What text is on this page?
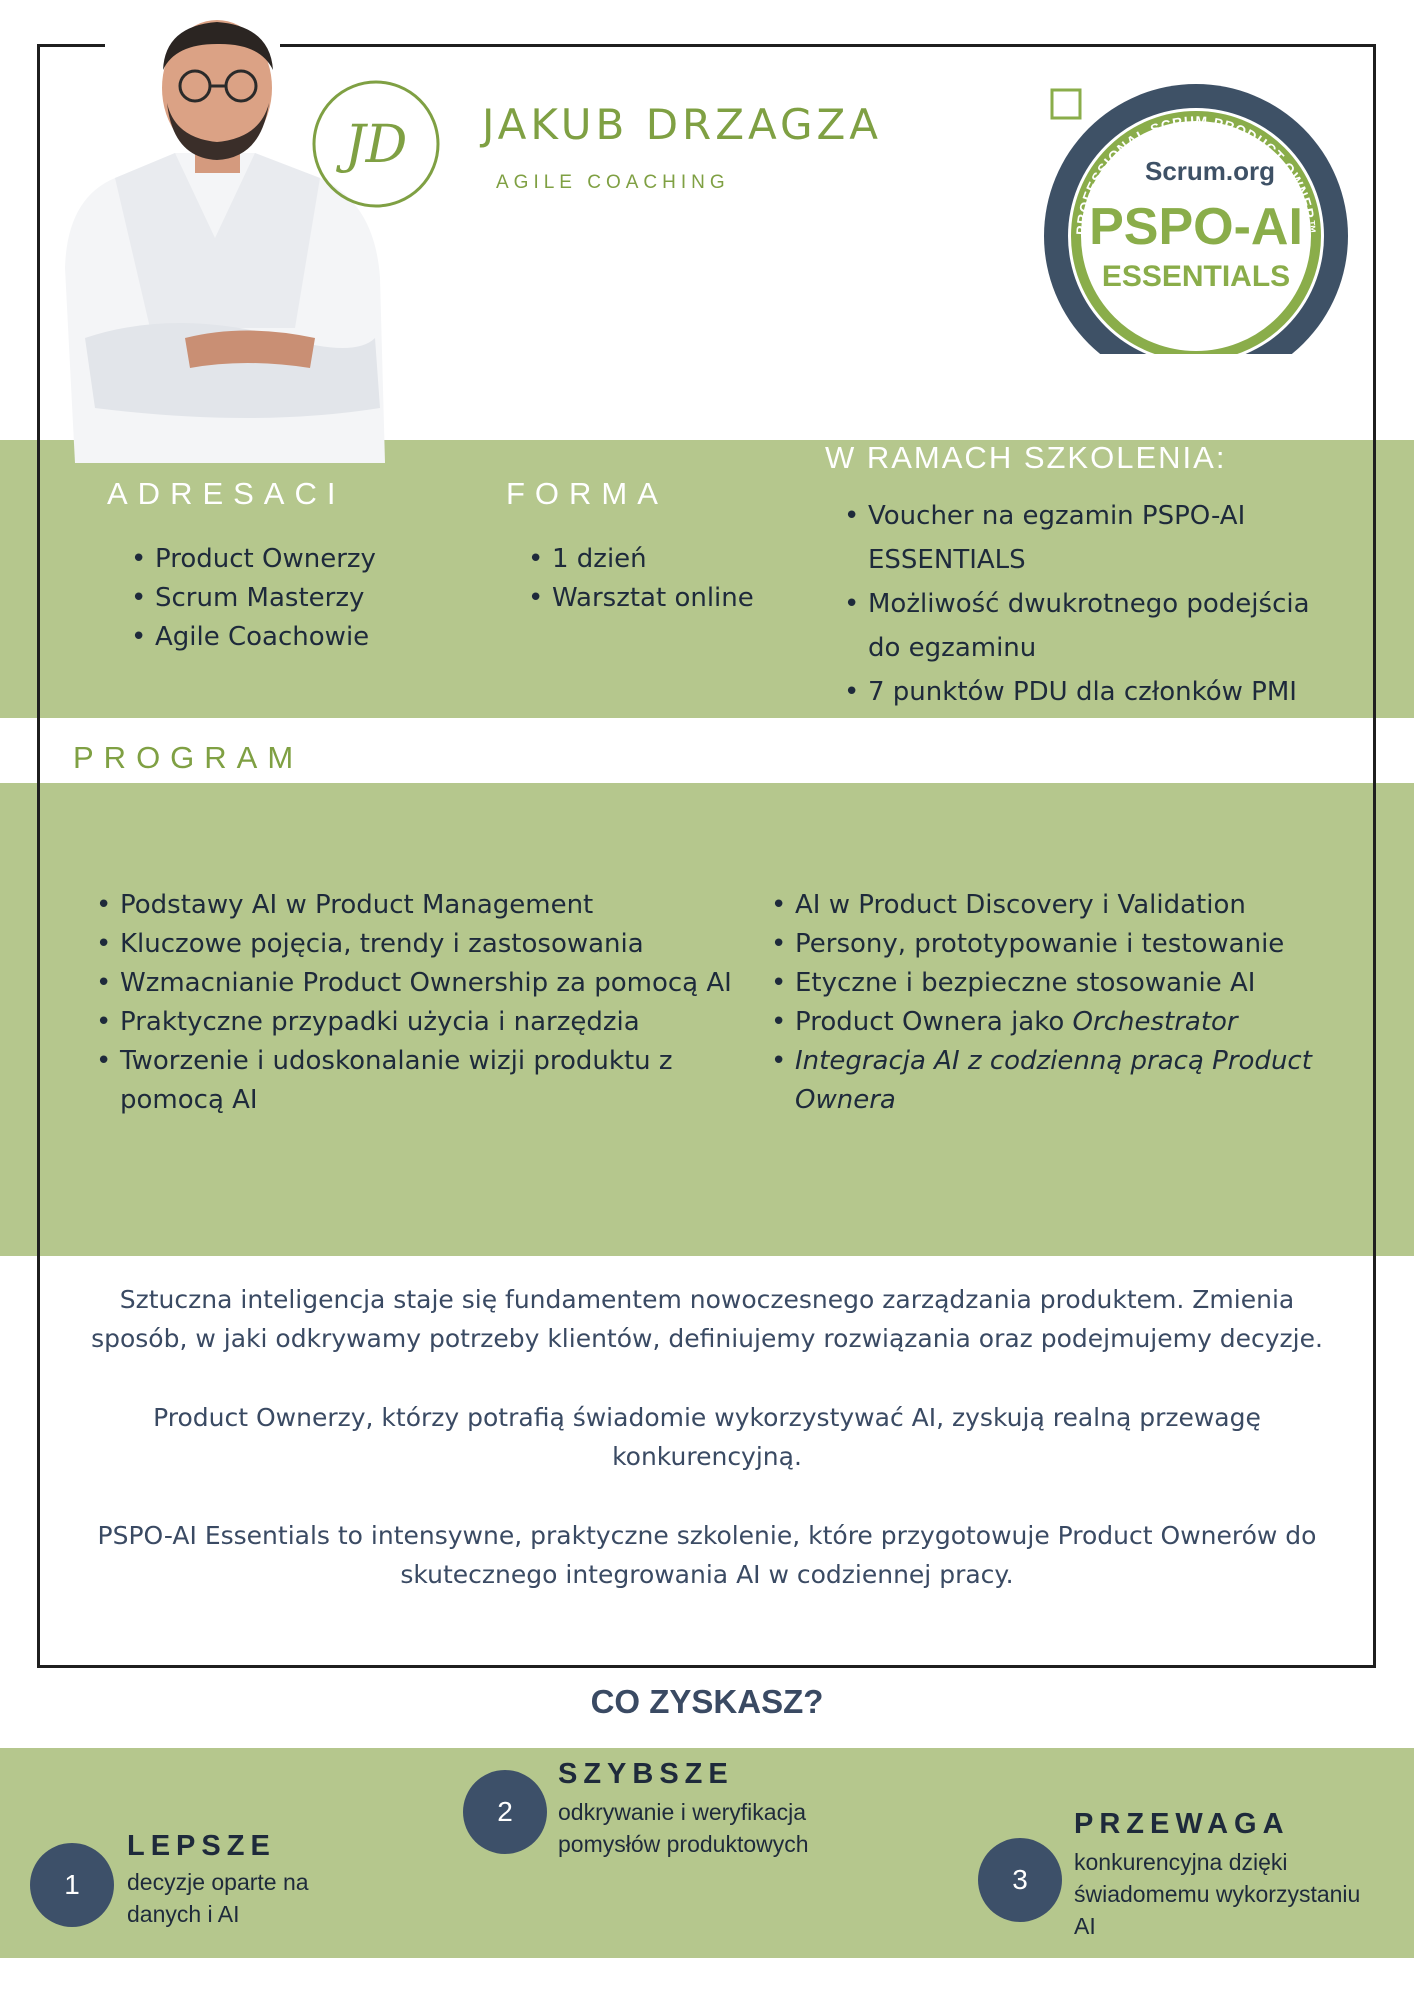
JD JAKUB DRZAGZA
AGILE COACHING
PROFESSIONAL SCRUM PRODUCT OWNER™
AI ESSENTIALS
Scrum.org
PSPO-AI
ESSENTIALS
ADRESACI
• Product Ownerzy
• Scrum Masterzy
• Agile Coachowie
FORMA
• 1 dzień
• Warsztat online
W RAMACH SZKOLENIA:
• Voucher na egzamin PSPO-AI ESSENTIALS
• Możliwość dwukrotnego podejścia do egzaminu
• 7 punktów PDU dla członków PMI
PROGRAM
• Podstawy AI w Product Management
• Kluczowe pojęcia, trendy i zastosowania
• Wzmacnianie Product Ownership za pomocą AI
• Praktyczne przypadki użycia i narzędzia
• Tworzenie i udoskonalanie wizji produktu z pomocą AI
• AI w Product Discovery i Validation
• Persony, prototypowanie i testowanie
• Etyczne i bezpieczne stosowanie AI
• Product Ownera jako Orchestrator
• Integracja AI z codzienną pracą Product Ownera

Sztuczna inteligencja staje się fundamentem nowoczesnego zarządzania produktem. Zmienia sposób, w jaki odkrywamy potrzeby klientów, definiujemy rozwiązania oraz podejmujemy decyzje.

Product Ownerzy, którzy potrafią świadomie wykorzystywać AI, zyskują realną przewagę konkurencyjną.

PSPO-AI Essentials to intensywne, praktyczne szkolenie, które przygotowuje Product Ownerów do skutecznego integrowania AI w codziennej pracy.

CO ZYSKASZ?
1
LEPSZE
decyzje oparte na danych i AI
2
SZYBSZE
odkrywanie i weryfikacja pomysłów produktowych
3
PRZEWAGA
konkurencyjna dzięki świadomemu wykorzystaniu AI
